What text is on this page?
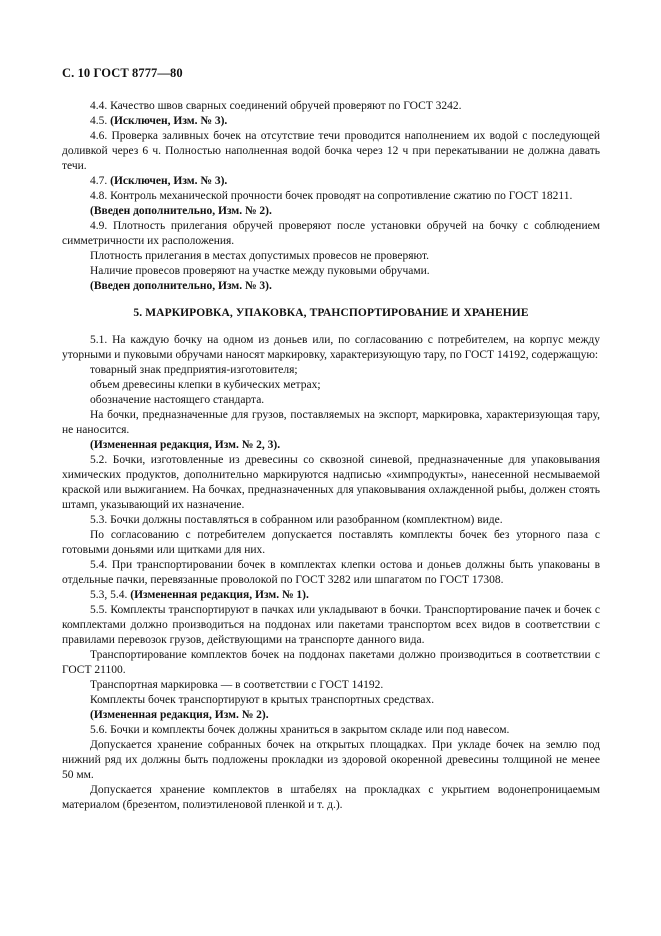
С. 10 ГОСТ 8777—80

4.4. Качество швов сварных соединений обручей проверяют по ГОСТ 3242.

4.5. (Исключен, Изм. № 3).

4.6. Проверка заливных бочек на отсутствие течи проводится наполнением их водой с последующей доливкой через 6 ч. Полностью наполненная водой бочка через 12 ч при перекатывании не должна давать течи.

4.7. (Исключен, Изм. № 3).

4.8. Контроль механической прочности бочек проводят на сопротивление сжатию по ГОСТ 18211.

(Введен дополнительно, Изм. № 2).

4.9. Плотность прилегания обручей проверяют после установки обручей на бочку с соблюдением симметричности их расположения.

Плотность прилегания в местах допустимых провесов не проверяют.

Наличие провесов проверяют на участке между пуковыми обручами.

(Введен дополнительно, Изм. № 3).

5. МАРКИРОВКА, УПАКОВКА, ТРАНСПОРТИРОВАНИЕ И ХРАНЕНИЕ

5.1. На каждую бочку на одном из доньев или, по согласованию с потребителем, на корпус между уторными и пуковыми обручами наносят маркировку, характеризующую тару, по ГОСТ 14192, содержащую:

товарный знак предприятия-изготовителя;

объем древесины клепки в кубических метрах;

обозначение настоящего стандарта.

На бочки, предназначенные для грузов, поставляемых на экспорт, маркировка, характеризующая тару, не наносится.

(Измененная редакция, Изм. № 2, 3).

5.2. Бочки, изготовленные из древесины со сквозной синевой, предназначенные для упаковывания химических продуктов, дополнительно маркируются надписью «химпродукты», нанесенной несмываемой краской или выжиганием. На бочках, предназначенных для упаковывания охлажденной рыбы, должен стоять штамп, указывающий их назначение.

5.3. Бочки должны поставляться в собранном или разобранном (комплектном) виде.

По согласованию с потребителем допускается поставлять комплекты бочек без уторного паза с готовыми доньями или щитками для них.

5.4. При транспортировании бочек в комплектах клепки остова и доньев должны быть упакованы в отдельные пачки, перевязанные проволокой по ГОСТ 3282 или шпагатом по ГОСТ 17308.

5.3, 5.4. (Измененная редакция, Изм. № 1).

5.5. Комплекты транспортируют в пачках или укладывают в бочки. Транспортирование пачек и бочек с комплектами должно производиться на поддонах или пакетами транспортом всех видов в соответствии с правилами перевозок грузов, действующими на транспорте данного вида.

Транспортирование комплектов бочек на поддонах пакетами должно производиться в соответствии с ГОСТ 21100.

Транспортная маркировка — в соответствии с ГОСТ 14192.

Комплекты бочек транспортируют в крытых транспортных средствах.

(Измененная редакция, Изм. № 2).

5.6. Бочки и комплекты бочек должны храниться в закрытом складе или под навесом.

Допускается хранение собранных бочек на открытых площадках. При укладе бочек на землю под нижний ряд их должны быть подложены прокладки из здоровой окоренной древесины толщиной не менее 50 мм.

Допускается хранение комплектов в штабелях на прокладках с укрытием водонепроницаемым материалом (брезентом, полиэтиленовой пленкой и т. д.).
